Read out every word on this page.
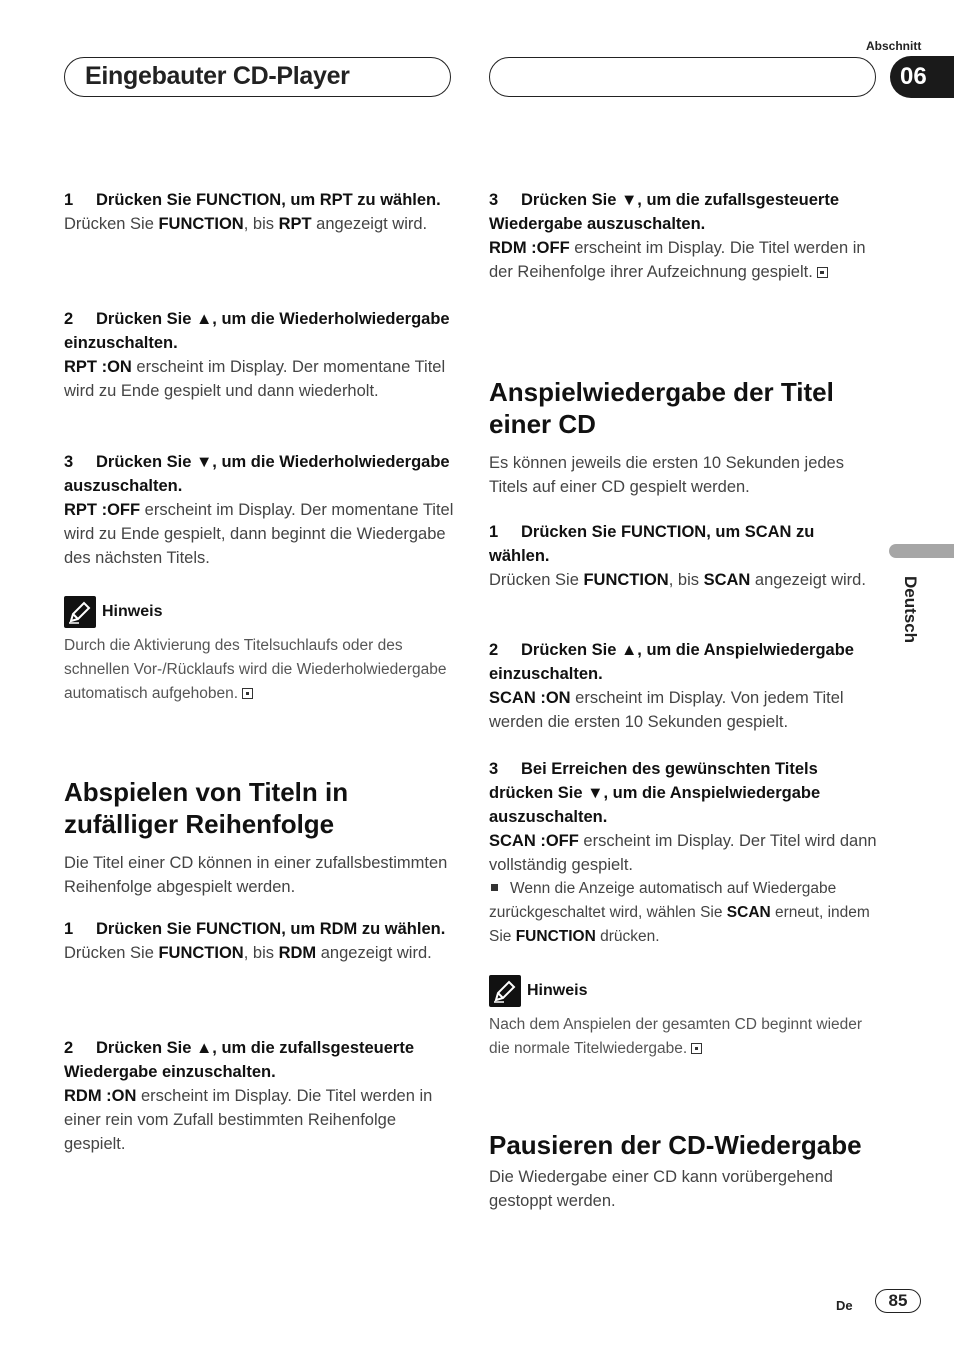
Eingebauter CD-Player
Abschnitt
06
Deutsch
1 Drücken Sie FUNCTION, um RPT zu wählen.
Drücken Sie FUNCTION, bis RPT angezeigt wird.
2 Drücken Sie ▲, um die Wiederholwiedergabe einzuschalten.
RPT :ON erscheint im Display. Der momentane Titel wird zu Ende gespielt und dann wiederholt.
3 Drücken Sie ▼, um die Wiederholwiedergabe auszuschalten.
RPT :OFF erscheint im Display. Der momentane Titel wird zu Ende gespielt, dann beginnt die Wiedergabe des nächsten Titels.
Hinweis
Durch die Aktivierung des Titelsuchlaufs oder des schnellen Vor-/Rücklaufs wird die Wiederholwiedergabe automatisch aufgehoben.
Abspielen von Titeln in zufälliger Reihenfolge
Die Titel einer CD können in einer zufallsbestimmten Reihenfolge abgespielt werden.
1 Drücken Sie FUNCTION, um RDM zu wählen.
Drücken Sie FUNCTION, bis RDM angezeigt wird.
2 Drücken Sie ▲, um die zufallsgesteuerte Wiedergabe einzuschalten.
RDM :ON erscheint im Display. Die Titel werden in einer rein vom Zufall bestimmten Reihenfolge gespielt.
3 Drücken Sie ▼, um die zufallsgesteuerte Wiedergabe auszuschalten.
RDM :OFF erscheint im Display. Die Titel werden in der Reihenfolge ihrer Aufzeichnung gespielt.
Anspielwiedergabe der Titel einer CD
Es können jeweils die ersten 10 Sekunden jedes Titels auf einer CD gespielt werden.
1 Drücken Sie FUNCTION, um SCAN zu wählen.
Drücken Sie FUNCTION, bis SCAN angezeigt wird.
2 Drücken Sie ▲, um die Anspielwiedergabe einzuschalten.
SCAN :ON erscheint im Display. Von jedem Titel werden die ersten 10 Sekunden gespielt.
3 Bei Erreichen des gewünschten Titels drücken Sie ▼, um die Anspielwiedergabe auszuschalten.
SCAN :OFF erscheint im Display. Der Titel wird dann vollständig gespielt.
Wenn die Anzeige automatisch auf Wiedergabe zurückgeschaltet wird, wählen Sie SCAN erneut, indem Sie FUNCTION drücken.
Hinweis
Nach dem Anspielen der gesamten CD beginnt wieder die normale Titelwiedergabe.
Pausieren der CD-Wiedergabe
Die Wiedergabe einer CD kann vorübergehend gestoppt werden.
De	85
